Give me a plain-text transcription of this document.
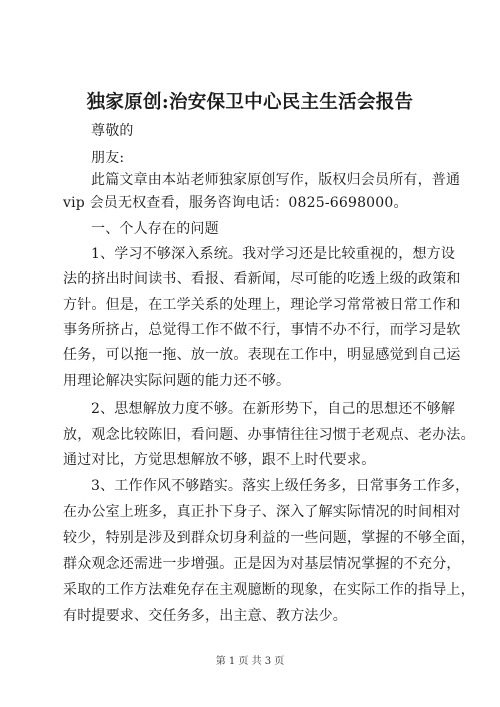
独家原创:治安保卫中心民主生活会报告
尊敬的
朋友:
此篇文章由本站老师独家原创写作，版权归会员所有，普通
vip 会员无权查看，服务咨询电话：0825-6698000。
一、个人存在的问题
1、学习不够深入系统。我对学习还是比较重视的，想方设
法的挤出时间读书、看报、看新闻，尽可能的吃透上级的政策和
方针。但是，在工学关系的处理上，理论学习常常被日常工作和
事务所挤占，总觉得工作不做不行，事情不办不行，而学习是软
任务，可以拖一拖、放一放。表现在工作中，明显感觉到自己运
用理论解决实际问题的能力还不够。
2、思想解放力度不够。在新形势下，自己的思想还不够解
放，观念比较陈旧，看问题、办事情往往习惯于老观点、老办法。
通过对比，方觉思想解放不够，跟不上时代要求。
3、工作作风不够踏实。落实上级任务多，日常事务工作多，
在办公室上班多，真正扑下身子、深入了解实际情况的时间相对
较少，特别是涉及到群众切身利益的一些问题，掌握的不够全面，
群众观念还需进一步增强。正是因为对基层情况掌握的不充分，
采取的工作方法难免存在主观臆断的现象，在实际工作的指导上，
有时提要求、交任务多，出主意、教方法少。
第 1 页 共 3 页
